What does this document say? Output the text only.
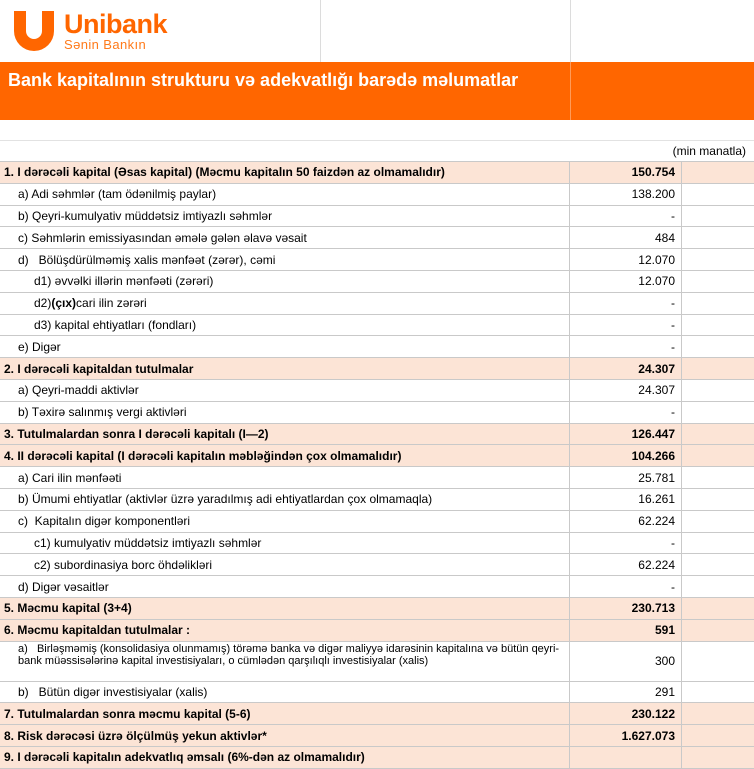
Unibank
Sənin Bankın
Bank kapitalının strukturu və adekvatlığı barədə məlumatlar
(min manatla)
1. I dərəcəli kapital (Əsas kapital) (Məcmu kapitalın 50 faizdən az olmamalıdır)	150.754
a) Adi səhmlər (tam ödənilmiş paylar)	138.200
b) Qeyri-kumulyativ müddətsiz imtiyazlı səhmlər	-
c) Səhmlərin emissiyasından əmələ gələn əlavə vəsait	484
d)   Bölüşdürülməmiş xalis mənfəət (zərər), cəmi	12.070
d1) əvvəlki illərin mənfəəti (zərəri)	12.070
d2) (çıx) cari ilin zərəri	-
d3) kapital ehtiyatları (fondları)	-
e) Digər	-
2. I dərəcəli kapitaldan tutulmalar	24.307
a) Qeyri-maddi aktivlər	24.307
b) Təxirə salınmış vergi aktivləri	-
3. Tutulmalardan sonra I dərəcəli kapitalı (I—2)	126.447
4. II dərəcəli kapital (I dərəcəli kapitalın məbləğindən çox olmamalıdır)	104.266
a) Cari ilin mənfəəti	25.781
b) Ümumi ehtiyatlar (aktivlər üzrə yaradılmış adi ehtiyatlardan çox olmamaqla)	16.261
c)  Kapitalın digər komponentləri	62.224
c1) kumulyativ müddətsiz imtiyazlı səhmlər	-
c2) subordinasiya borc öhdəlikləri	62.224
d) Digər vəsaitlər	-
5. Məcmu kapital (3+4)	230.713
6. Məcmu kapitaldan tutulmalar :	591
a)   Birləşməmiş (konsolidasiya olunmamış) törəmə banka və digər maliyyə idarəsinin kapitalına və bütün qeyri-bank müəssisələrinə kapital investisiyaları, o cümlədən qarşılıqlı investisiyalar (xalis)	300
b)   Bütün digər investisiyalar (xalis)	291
7. Tutulmalardan sonra məcmu kapital (5-6)	230.122
8. Risk dərəcəsi üzrə ölçülmüş yekun aktivlər*	1.627.073
9. I dərəcəli kapitalın adekvatlıq əmsalı (6%-dən az olmamalıdır)
